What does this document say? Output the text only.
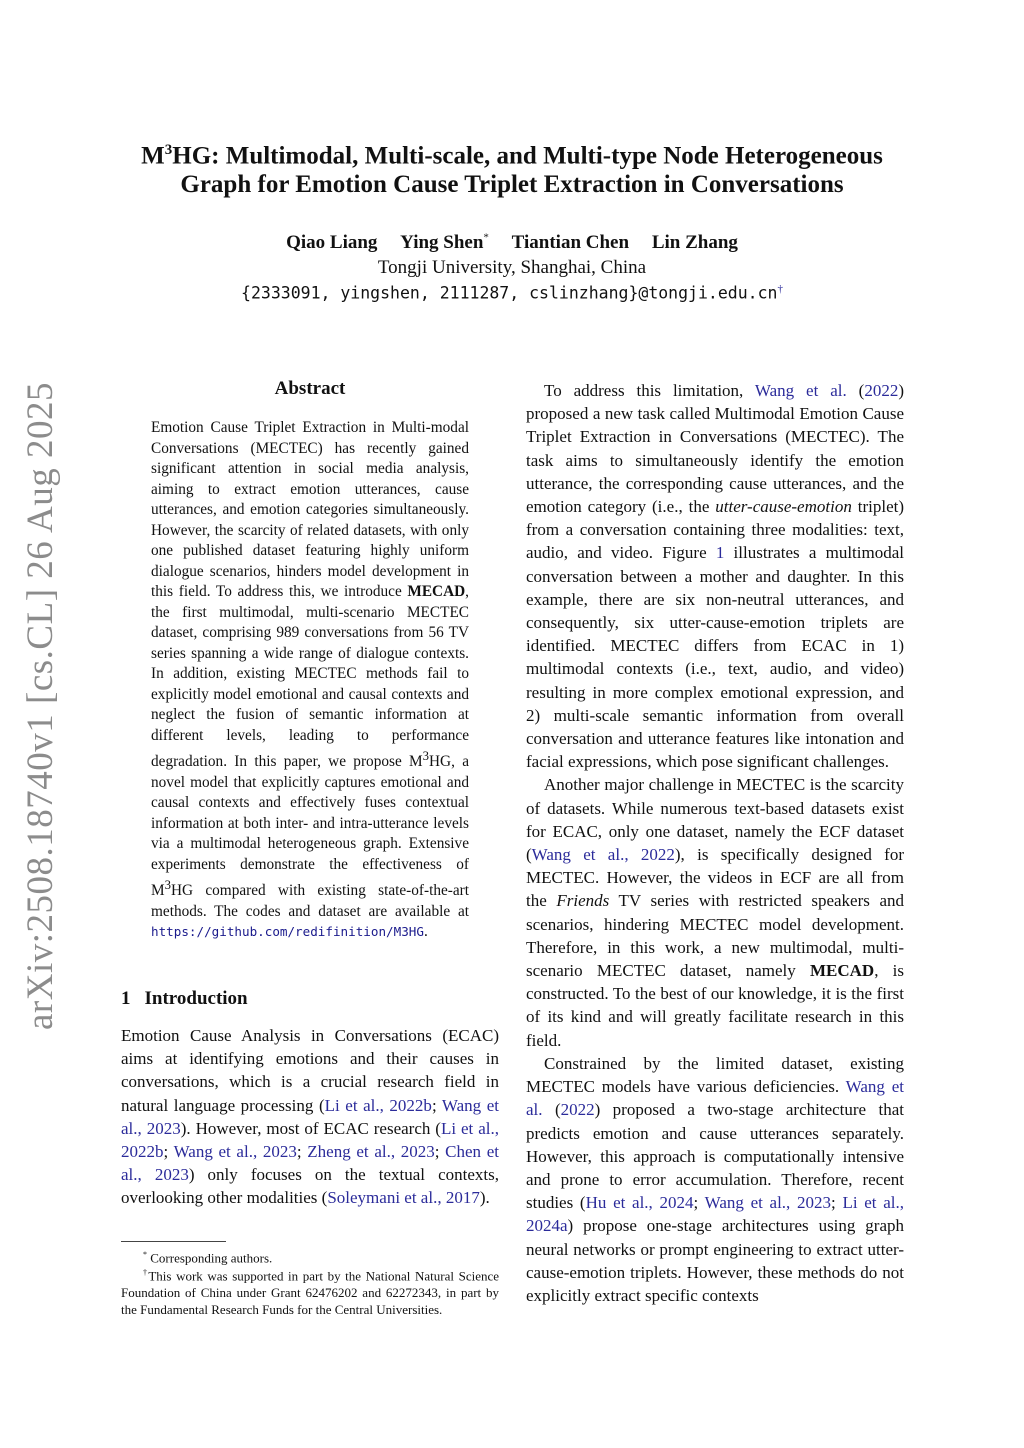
arXiv:2508.18740v1 [cs.CL] 26 Aug 2025
$M^3HG$: Multimodal, Multi-scale, and Multi-type Node Heterogeneous
Graph for Emotion Cause Triplet Extraction in Conversations
Qiao Liang Ying Shen* Tiantian Chen Lin Zhang
Tongji University, Shanghai, China
{2333091, yingshen, 2111287, cslinzhang}@tongji.edu.cn†
Abstract
Emotion Cause Triplet Extraction in Multi-modal Conversations (MECTEC) has recently gained significant attention in social media analysis, aiming to extract emotion utterances, cause utterances, and emotion categories simultaneously. However, the scarcity of related datasets, with only one published dataset featuring highly uniform dialogue scenarios, hinders model development in this field. To address this, we introduce MECAD, the first multimodal, multi-scenario MECTEC dataset, comprising 989 conversations from 56 TV series spanning a wide range of dialogue contexts. In addition, existing MECTEC methods fail to explicitly model emotional and causal contexts and neglect the fusion of semantic information at different levels, leading to performance degradation. In this paper, we propose $M^3HG$, a novel model that explicitly captures emotional and causal contexts and effectively fuses contextual information at both inter- and intra-utterance levels via a multimodal heterogeneous graph. Extensive experiments demonstrate the effectiveness of $M^3HG$ compared with existing state-of-the-art methods. The codes and dataset are available at https://github.com/redifinition/M3HG.
1 Introduction
Emotion Cause Analysis in Conversations (ECAC) aims at identifying emotions and their causes in conversations, which is a crucial research field in natural language processing (Li et al., 2022b; Wang et al., 2023). However, most of ECAC research (Li et al., 2022b; Wang et al., 2023; Zheng et al., 2023; Chen et al., 2023) only focuses on the textual contexts, overlooking other modalities (Soleymani et al., 2017).
* Corresponding authors.
†This work was supported in part by the National Natural Science Foundation of China under Grant 62476202 and 62272343, in part by the Fundamental Research Funds for the Central Universities.

To address this limitation, Wang et al. (2022) proposed a new task called Multimodal Emotion Cause Triplet Extraction in Conversations (MECTEC). The task aims to simultaneously identify the emotion utterance, the corresponding cause utterances, and the emotion category (i.e., the utter-cause-emotion triplet) from a conversation containing three modalities: text, audio, and video. Figure 1 illustrates a multimodal conversation between a mother and daughter. In this example, there are six non-neutral utterances, and consequently, six utter-cause-emotion triplets are identified. MECTEC differs from ECAC in 1) multimodal contexts (i.e., text, audio, and video) resulting in more complex emotional expression, and 2) multi-scale semantic information from overall conversation and utterance features like intonation and facial expressions, which pose significant challenges.

Another major challenge in MECTEC is the scarcity of datasets. While numerous text-based datasets exist for ECAC, only one dataset, namely the ECF dataset (Wang et al., 2022), is specifically designed for MECTEC. However, the videos in ECF are all from the Friends TV series with restricted speakers and scenarios, hindering MECTEC model development. Therefore, in this work, a new multimodal, multi-scenario MECTEC dataset, namely MECAD, is constructed. To the best of our knowledge, it is the first of its kind and will greatly facilitate research in this field.

Constrained by the limited dataset, existing MECTEC models have various deficiencies. Wang et al. (2022) proposed a two-stage architecture that predicts emotion and cause utterances separately. However, this approach is computationally intensive and prone to error accumulation. Therefore, recent studies (Hu et al., 2024; Wang et al., 2023; Li et al., 2024a) propose one-stage architectures using graph neural networks or prompt engineering to extract utter-cause-emotion triplets. However, these methods do not explicitly extract specific contexts
